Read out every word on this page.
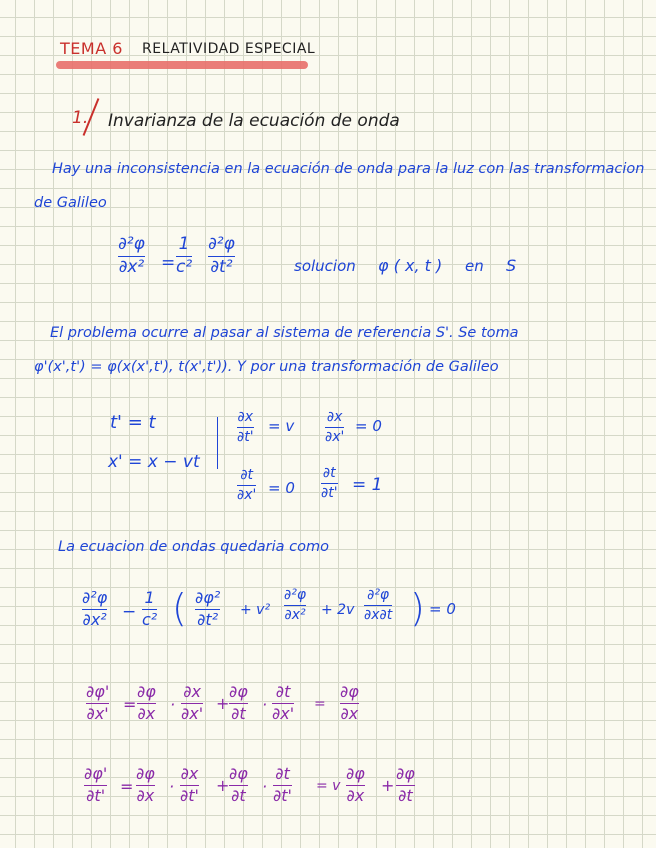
TEMA 6 RELATIVIDAD ESPECIAL
1. Invarianza de la ecuación de onda
Hay una inconsistencia en la ecuación de onda para la luz con las transformacion
de Galileo
∂²φ
∂x² =
1
c²
∂²φ
∂t²	solucion φ ( x, t ) en S
El problema ocurre al pasar al sistema de referencia S'. Se toma
φ'(x',t') = φ(x(x',t'), t(x',t')). Y por una transformación de Galileo
t' = t
x' = x − vt
∂x
∂t'
= v ∂x
∂x'
= 0
∂t
∂x' = 0
∂t
∂t' = 1
La ecuacion de ondas quedaria como
∂²φ
∂x² −
1
c² ( ∂φ²
∂t² + v²
∂²φ
∂x² + 2v
∂²φ
∂x∂t ) = 0
∂φ'
∂x' =
∂φ
∂x ·
∂x
∂x'
+
∂φ
∂t ·
∂t
∂x' =
∂φ
∂x
∂φ'
∂t' =
∂φ
∂x ·
∂x
∂t'
+
∂φ
∂t ·
∂t
∂t' = v
∂φ
∂x
+
∂φ
∂t
